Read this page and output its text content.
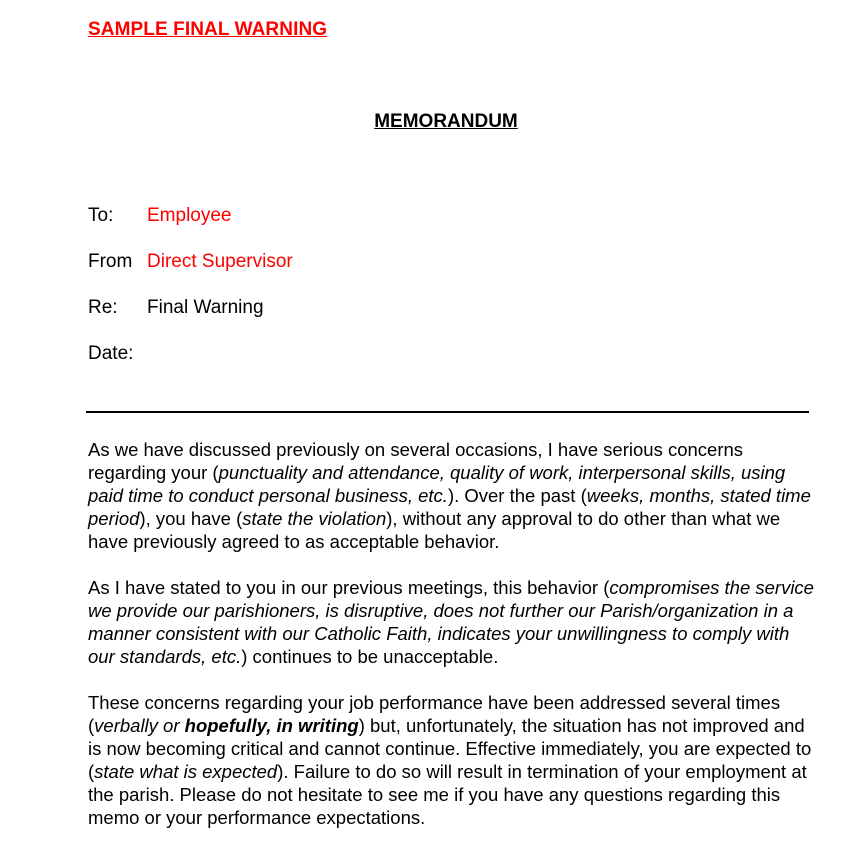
SAMPLE FINAL WARNING
MEMORANDUM
To:	Employee
From Direct Supervisor
Re:	Final Warning
Date:

As we have discussed previously on several occasions, I have serious concerns regarding your (punctuality and attendance, quality of work, interpersonal skills, using paid time to conduct personal business, etc.). Over the past (weeks, months, stated time period), you have (state the violation), without any approval to do other than what we have previously agreed to as acceptable behavior.

As I have stated to you in our previous meetings, this behavior (compromises the service we provide our parishioners, is disruptive, does not further our Parish/organization in a manner consistent with our Catholic Faith, indicates your unwillingness to comply with our standards, etc.) continues to be unacceptable.

These concerns regarding your job performance have been addressed several times (verbally or hopefully, in writing) but, unfortunately, the situation has not improved and is now becoming critical and cannot continue. Effective immediately, you are expected to (state what is expected). Failure to do so will result in termination of your employment at the parish. Please do not hesitate to see me if you have any questions regarding this memo or your performance expectations.
